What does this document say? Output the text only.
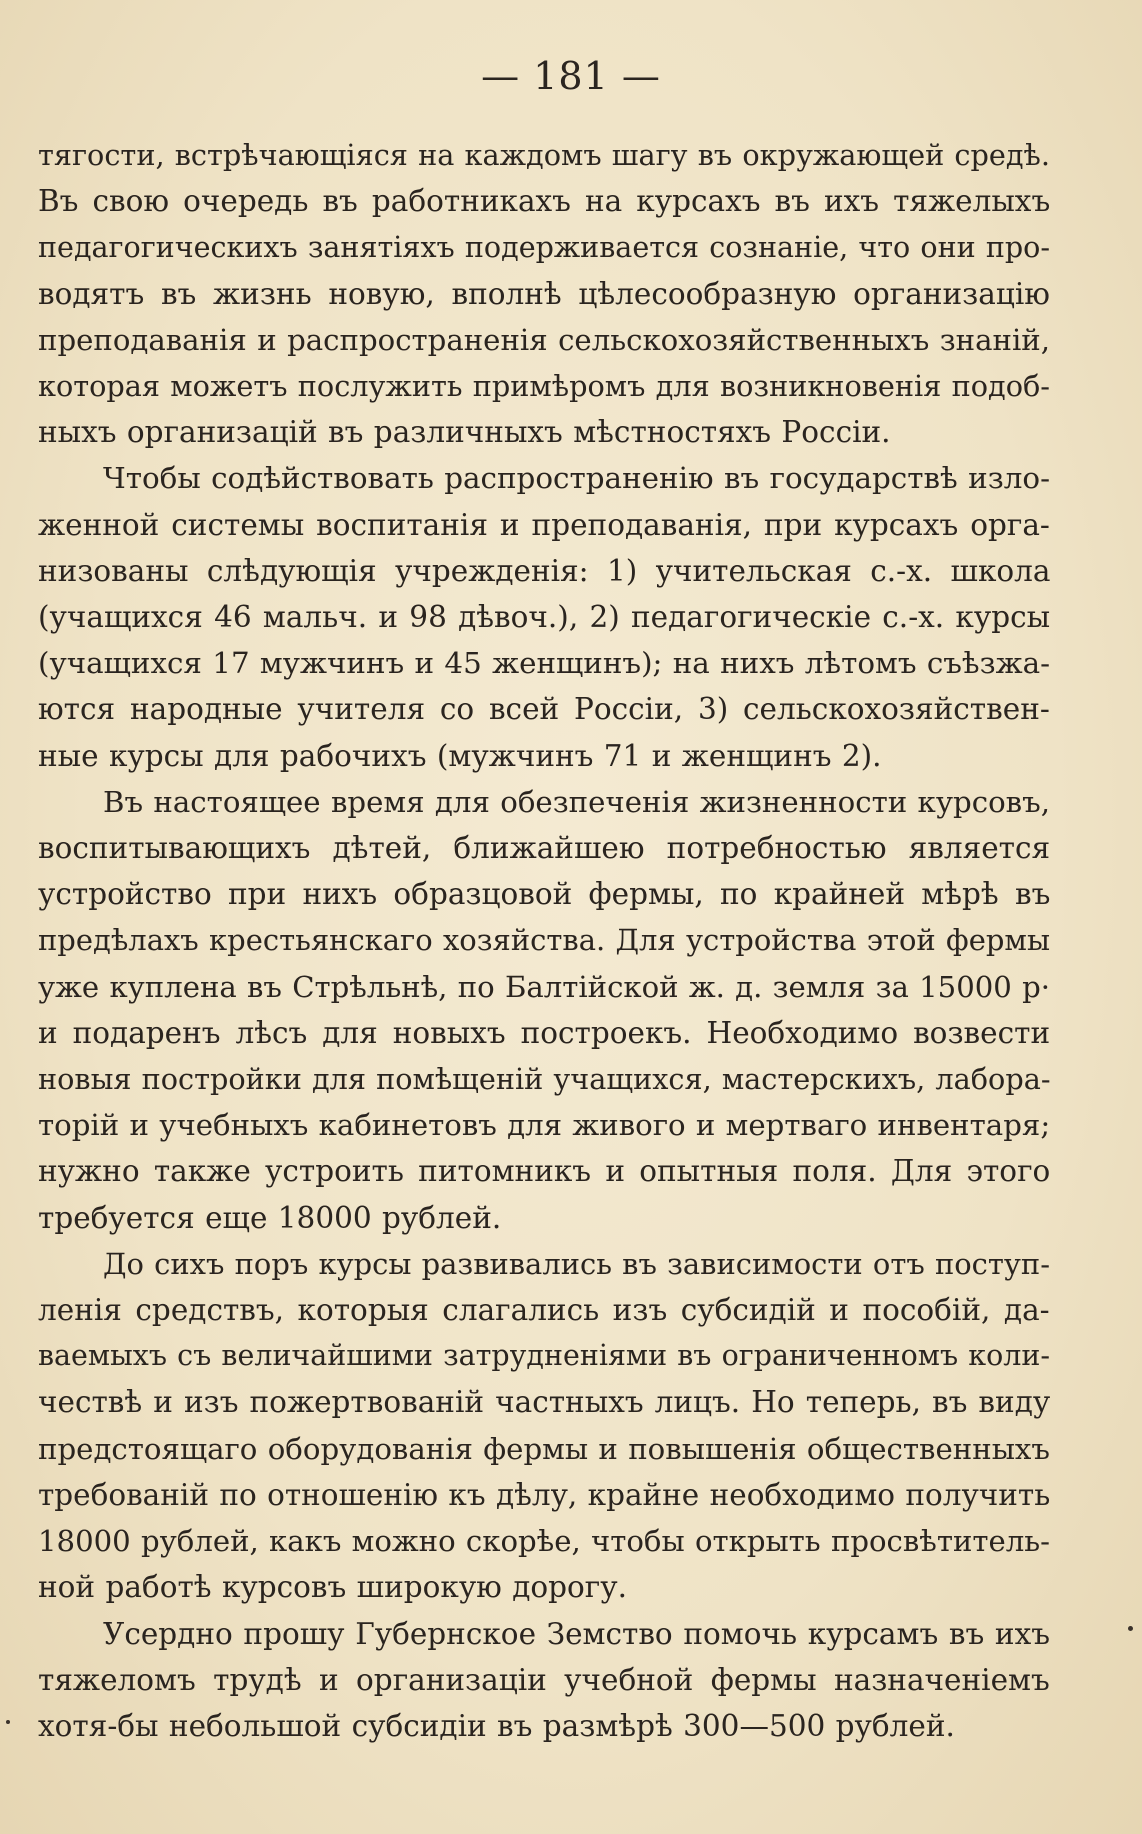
— 181 —
тягости, встрѣчающіяся на каждомъ шагу въ окружающей средѣ.
Въ свою очередь въ работникахъ на курсахъ въ ихъ тяжелыхъ
педагогическихъ занятіяхъ подерживается сознаніе, что они про-
водятъ въ жизнь новую, вполнѣ цѣлесообразную организацію
преподаванія и распространенія сельскохозяйственныхъ знаній,
которая можетъ послужить примѣромъ для возникновенія подоб-
ныхъ организацій въ различныхъ мѣстностяхъ Россіи.
Чтобы содѣйствовать распространенію въ государствѣ изло-
женной системы воспитанія и преподаванія, при курсахъ орга-
низованы слѣдующія учрежденія: 1) учительская с.-х. школа
(учащихся 46 мальч. и 98 дѣвоч.), 2) педагогическіе с.-х. курсы
(учащихся 17 мужчинъ и 45 женщинъ); на нихъ лѣтомъ съѣзжа-
ются народные учителя со всей Россіи, 3) сельскохозяйствен-
ные курсы для рабочихъ (мужчинъ 71 и женщинъ 2).
Въ настоящее время для обезпеченія жизненности курсовъ,
воспитывающихъ дѣтей, ближайшею потребностью является
устройство при нихъ образцовой фермы, по крайней мѣрѣ въ
предѣлахъ крестьянскаго хозяйства. Для устройства этой фермы
уже куплена въ Стрѣльнѣ, по Балтійской ж. д. земля за 15000 р·
и подаренъ лѣсъ для новыхъ построекъ. Необходимо возвести
новыя постройки для помѣщеній учащихся, мастерскихъ, лабора-
торій и учебныхъ кабинетовъ для живого и мертваго инвентаря;
нужно также устроить питомникъ и опытныя поля. Для этого
требуется еще 18000 рублей.
До сихъ поръ курсы развивались въ зависимости отъ поступ-
ленія средствъ, которыя слагались изъ субсидій и пособій, да-
ваемыхъ съ величайшими затрудненіями въ ограниченномъ коли-
чествѣ и изъ пожертвованій частныхъ лицъ. Но теперь, въ виду
предстоящаго оборудованія фермы и повышенія общественныхъ
требованій по отношенію къ дѣлу, крайне необходимо получить
18000 рублей, какъ можно скорѣе, чтобы открыть просвѣтитель-
ной работѣ курсовъ широкую дорогу.
Усердно прошу Губернское Земство помочь курсамъ въ ихъ
тяжеломъ трудѣ и организаціи учебной фермы назначеніемъ
хотя-бы небольшой субсидіи въ размѣрѣ 300—500 рублей.
